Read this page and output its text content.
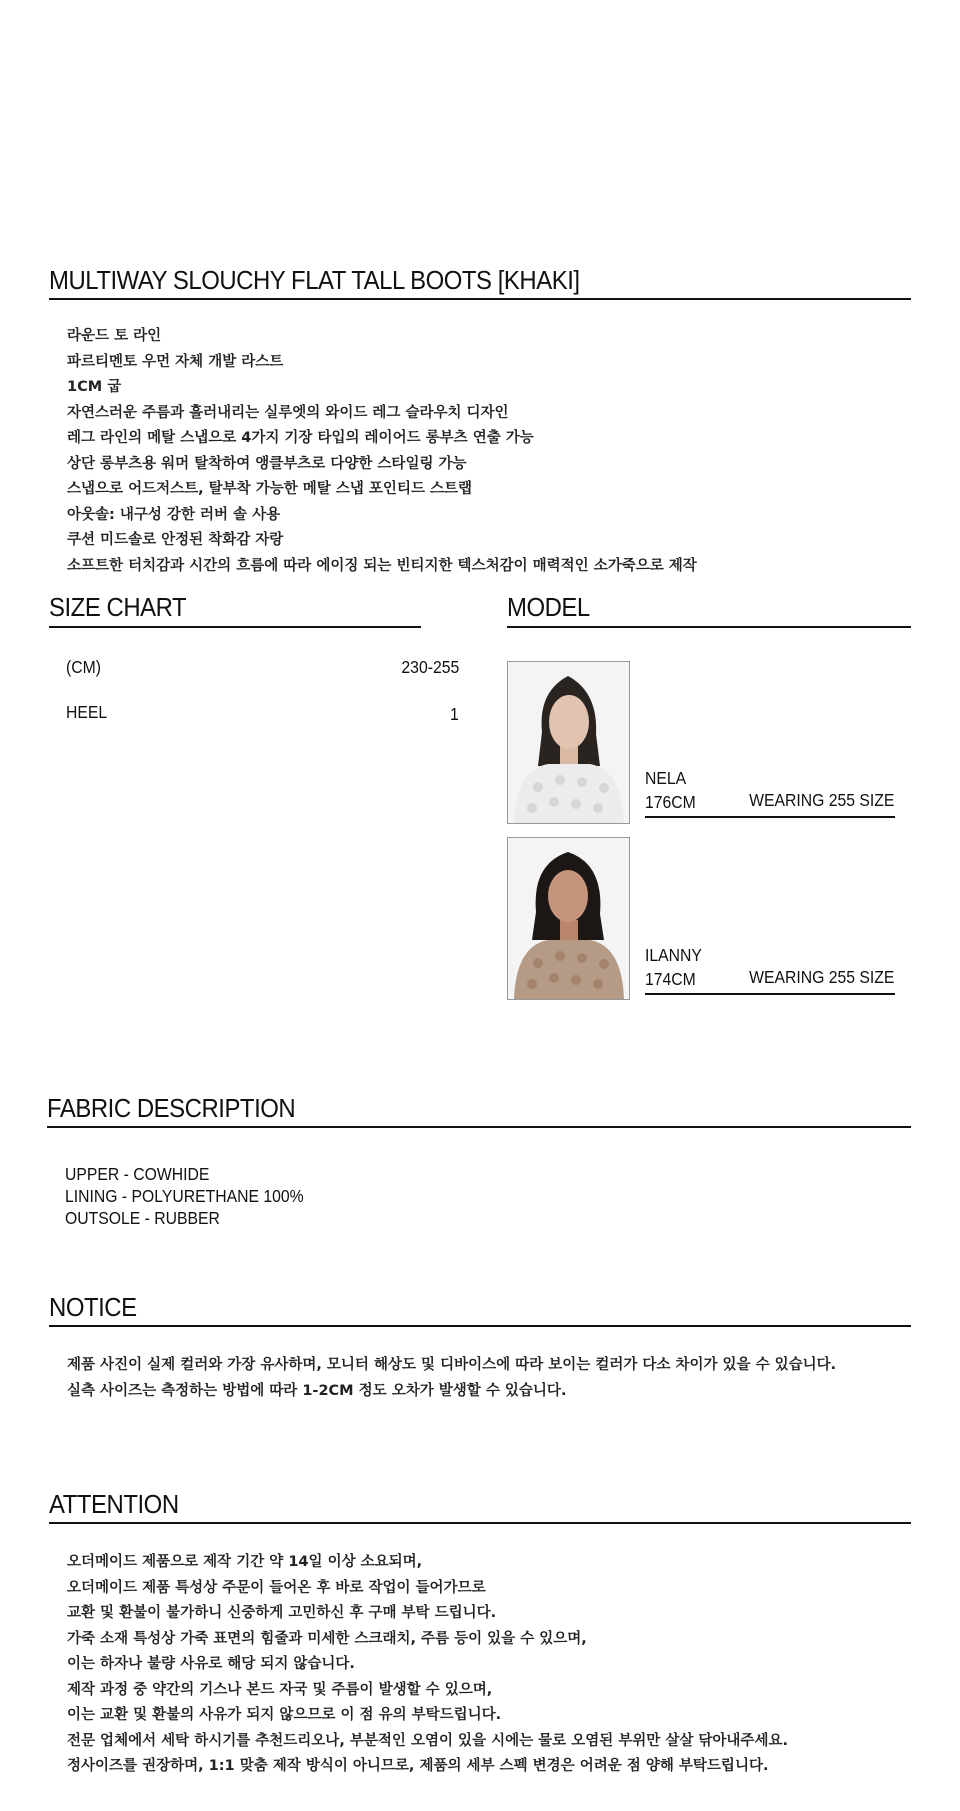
MULTIWAY SLOUCHY FLAT TALL BOOTS [KHAKI]
라운드 토 라인
파르티멘토 우먼 자체 개발 라스트
1CM 굽
자연스러운 주름과 흘러내리는 실루엣의 와이드 레그 슬라우치 디자인
레그 라인의 메탈 스냅으로 4가지 기장 타입의 레이어드 롱부츠 연출 가능
상단 롱부츠용 워머 탈착하여 앵클부츠로 다양한 스타일링 가능
스냅으로 어드저스트, 탈부착 가능한 메탈 스냅 포인티드 스트랩
아웃솔: 내구성 강한 러버 솔 사용
쿠션 미드솔로 안정된 착화감 자랑
소프트한 터치감과 시간의 흐름에 따라 에이징 되는 빈티지한 텍스처감이 매력적인 소가죽으로 제작
SIZE CHART
(CM)	230-255
HEEL	1
MODEL
NELA
176CM	WEARING 255 SIZE
ILANNY
174CM	WEARING 255 SIZE
FABRIC DESCRIPTION
UPPER - COWHIDE
LINING - POLYURETHANE 100%
OUTSOLE - RUBBER
NOTICE
제품 사진이 실제 컬러와 가장 유사하며, 모니터 해상도 및 디바이스에 따라 보이는 컬러가 다소 차이가 있을 수 있습니다.
실측 사이즈는 측정하는 방법에 따라 1-2CM 정도 오차가 발생할 수 있습니다.
ATTENTION
오더메이드 제품으로 제작 기간 약 14일 이상 소요되며,
오더메이드 제품 특성상 주문이 들어온 후 바로 작업이 들어가므로
교환 및 환불이 불가하니 신중하게 고민하신 후 구매 부탁 드립니다.
가죽 소재 특성상 가죽 표면의 힘줄과 미세한 스크래치, 주름 등이 있을 수 있으며,
이는 하자나 불량 사유로 해당 되지 않습니다.
제작 과정 중 약간의 기스나 본드 자국 및 주름이 발생할 수 있으며,
이는 교환 및 환불의 사유가 되지 않으므로 이 점 유의 부탁드립니다.
전문 업체에서 세탁 하시기를 추천드리오나, 부분적인 오염이 있을 시에는 물로 오염된 부위만 살살 닦아내주세요.
정사이즈를 권장하며, 1:1 맞춤 제작 방식이 아니므로, 제품의 세부 스펙 변경은 어려운 점 양해 부탁드립니다.
